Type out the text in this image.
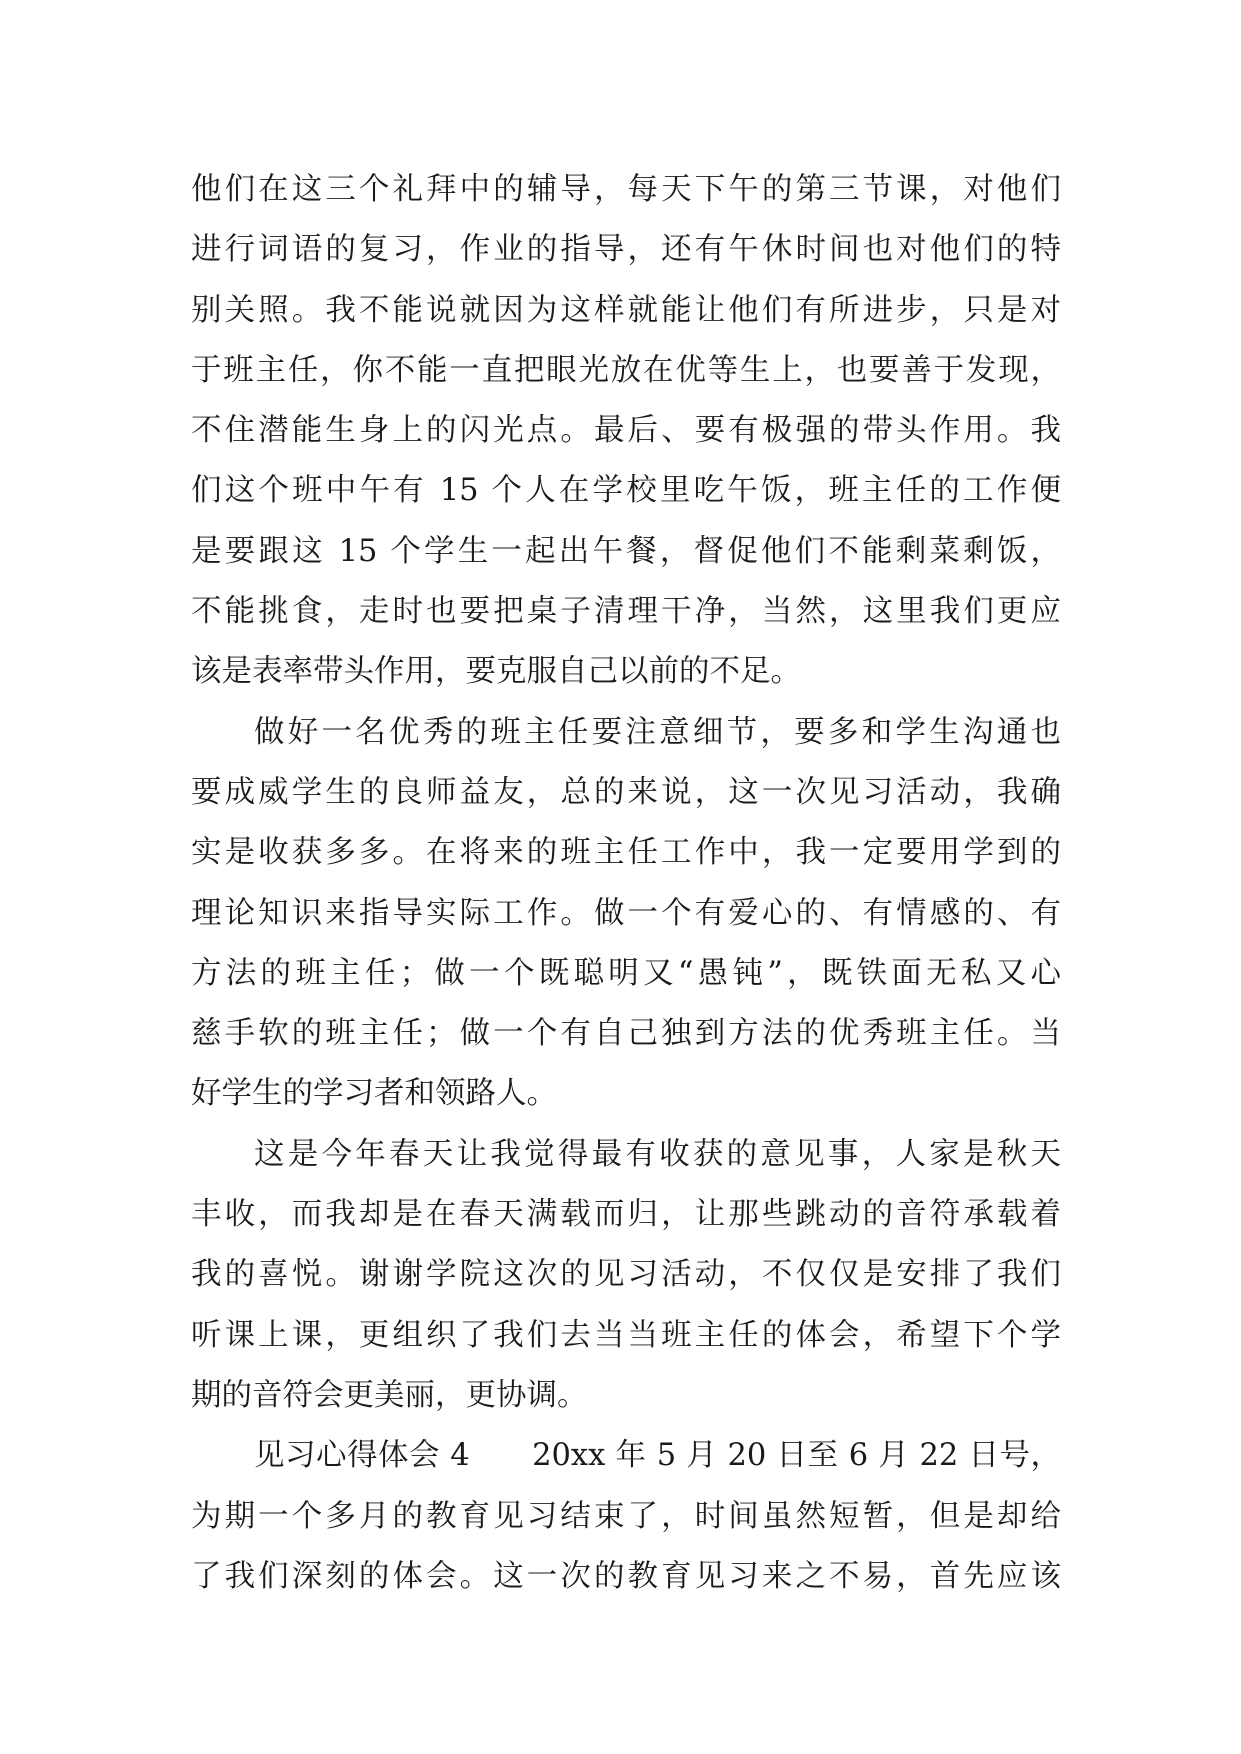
他们在这三个礼拜中的辅导，每天下午的第三节课，对他们
进行词语的复习，作业的指导，还有午休时间也对他们的特
别关照。我不能说就因为这样就能让他们有所进步，只是对
于班主任，你不能一直把眼光放在优等生上，也要善于发现，
不住潜能生身上的闪光点。最后、要有极强的带头作用。我
们这个班中午有 15 个人在学校里吃午饭，班主任的工作便
是要跟这 15 个学生一起出午餐，督促他们不能剩菜剩饭，
不能挑食，走时也要把桌子清理干净，当然，这里我们更应
该是表率带头作用，要克服自己以前的不足。
做好一名优秀的班主任要注意细节，要多和学生沟通也
要成威学生的良师益友，总的来说，这一次见习活动，我确
实是收获多多。在将来的班主任工作中，我一定要用学到的
理论知识来指导实际工作。做一个有爱心的、有情感的、有
方法的班主任；做一个既聪明又“愚钝”，既铁面无私又心
慈手软的班主任；做一个有自己独到方法的优秀班主任。当
好学生的学习者和领路人。
这是今年春天让我觉得最有收获的意见事，人家是秋天
丰收，而我却是在春天满载而归，让那些跳动的音符承载着
我的喜悦。谢谢学院这次的见习活动，不仅仅是安排了我们
听课上课，更组织了我们去当当班主任的体会，希望下个学
期的音符会更美丽，更协调。
见习心得体会 4　　20xx 年 5 月 20 日至 6 月 22 日号，
为期一个多月的教育见习结束了，时间虽然短暂，但是却给
了我们深刻的体会。这一次的教育见习来之不易，首先应该
